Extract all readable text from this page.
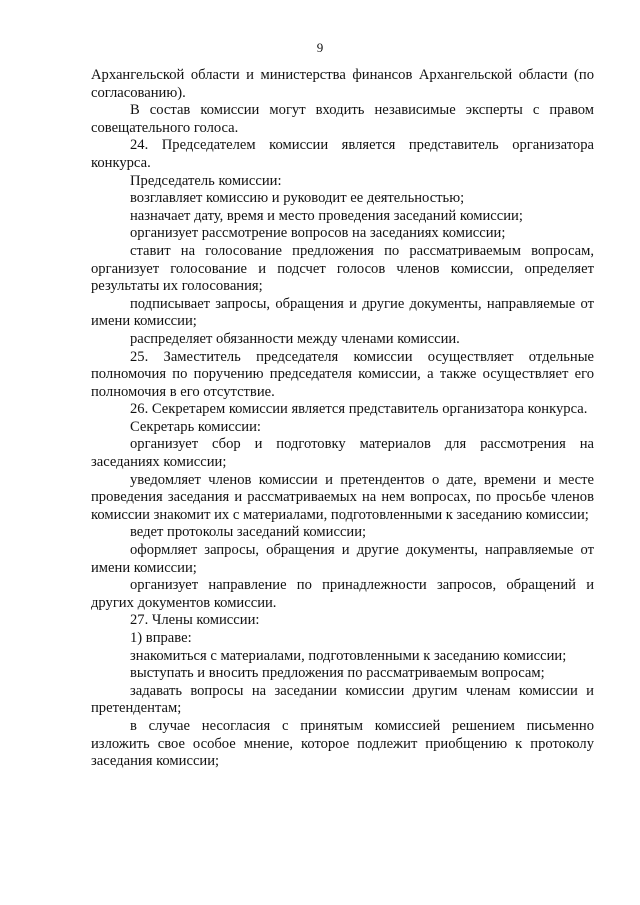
9

Архангельской области и министерства финансов Архангельской области (по согласованию).

В состав комиссии могут входить независимые эксперты с правом совещательного голоса.

24. Председателем комиссии является представитель организатора конкурса.

Председатель комиссии:

возглавляет комиссию и руководит ее деятельностью;

назначает дату, время и место проведения заседаний комиссии;

организует рассмотрение вопросов на заседаниях комиссии;

ставит на голосование предложения по рассматриваемым вопросам, организует голосование и подсчет голосов членов комиссии, определяет результаты их голосования;

подписывает запросы, обращения и другие документы, направляемые от имени комиссии;

распределяет обязанности между членами комиссии.

25. Заместитель председателя комиссии осуществляет отдельные полномочия по поручению председателя комиссии, а также осуществляет его полномочия в его отсутствие.

26. Секретарем комиссии является представитель организатора конкурса.

Секретарь комиссии:

организует сбор и подготовку материалов для рассмотрения на заседаниях комиссии;

уведомляет членов комиссии и претендентов о дате, времени и месте проведения заседания и рассматриваемых на нем вопросах, по просьбе членов комиссии знакомит их с материалами, подготовленными к заседанию комиссии;

ведет протоколы заседаний комиссии;

оформляет запросы, обращения и другие документы, направляемые от имени комиссии;

организует направление по принадлежности запросов, обращений и других документов комиссии.

27. Члены комиссии:

1) вправе:

знакомиться с материалами, подготовленными к заседанию комиссии;

выступать и вносить предложения по рассматриваемым вопросам;

задавать вопросы на заседании комиссии другим членам комиссии и претендентам;

в случае несогласия с принятым комиссией решением письменно изложить свое особое мнение, которое подлежит приобщению к протоколу заседания комиссии;
